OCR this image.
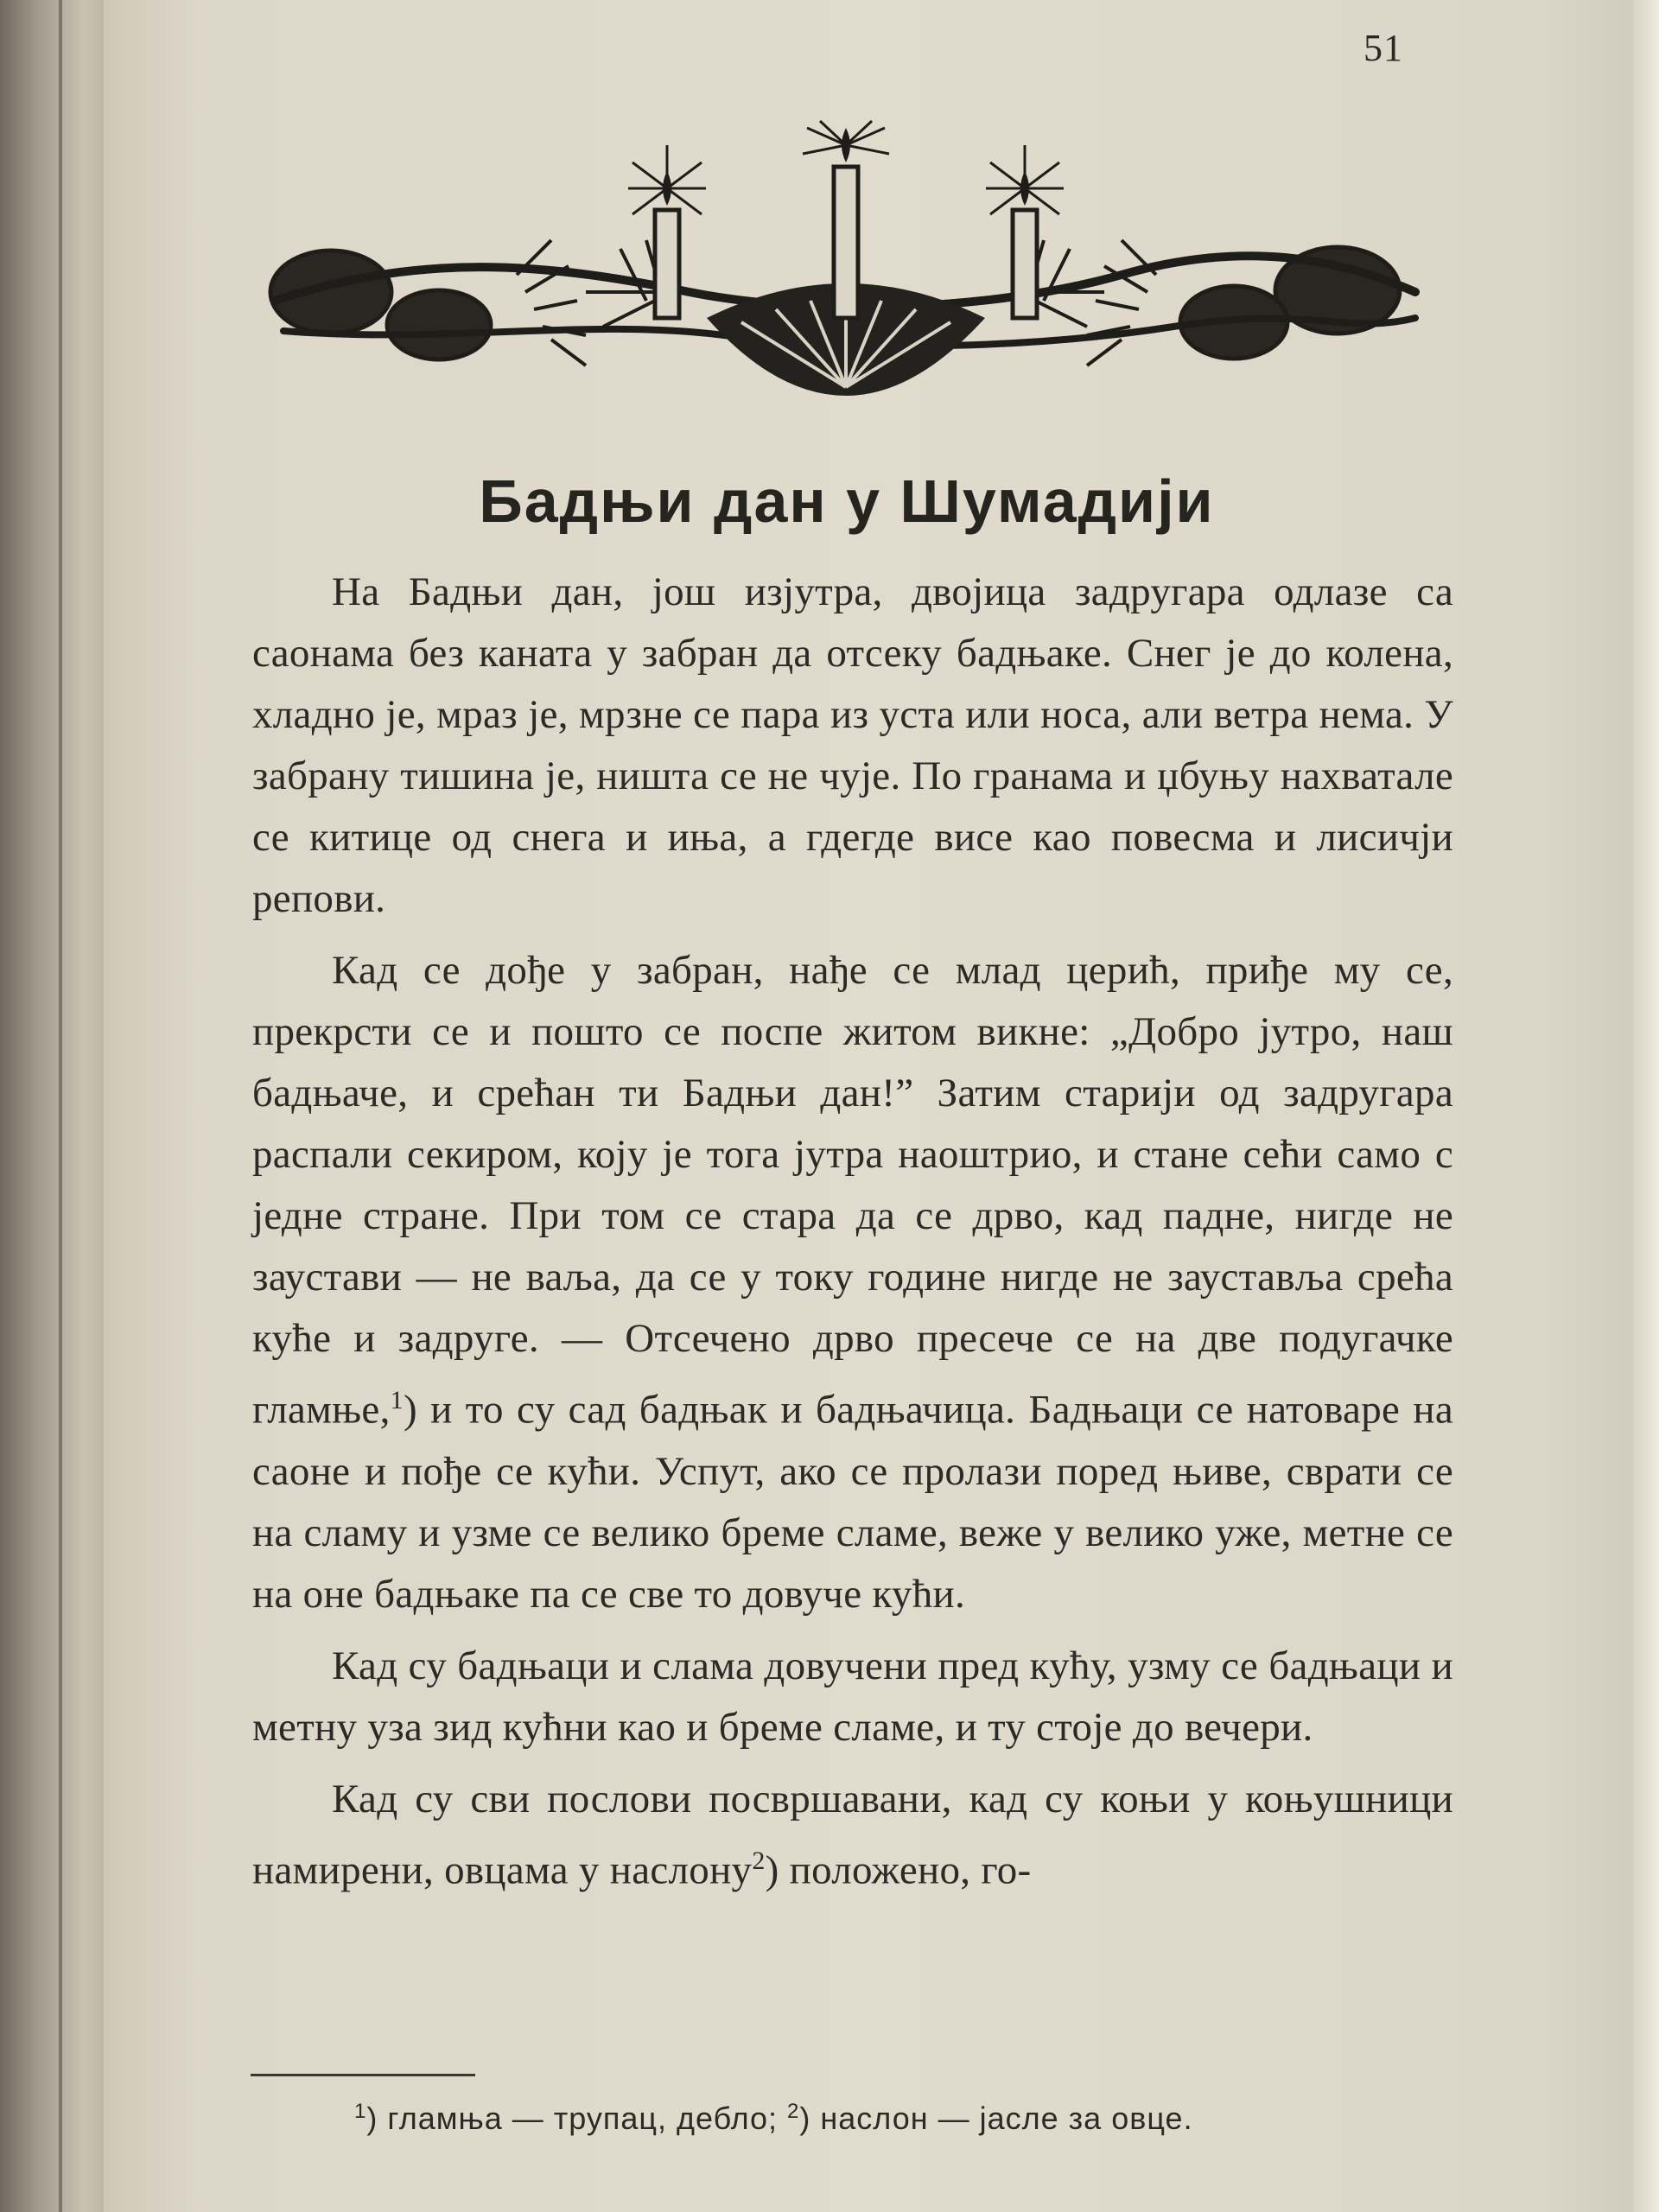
51
Бадњи дан у Шумадији

На Бадњи дан, још изјутра, двојица задругара одлазе са саонама без каната у забран да отсеку бадњаке. Снег је до колена, хладно је, мраз је, мрзне се пара из уста или носа, али ветра нема. У забрану тишина је, ништа се не чује. По гранама и џбуњу нахватале се китице од снега и иња, а гдегде висе као повесма и лисичји репови.

Кад се дође у забран, нађе се млад церић, приђе му се, прекрсти се и пошто се поспе житом викне: „Добро јутро, наш бадњаче, и срећан ти Бадњи дан!” Затим старији од задругара распали секиром, коју је тога јутра наоштрио, и стане сећи само с једне стране. При том се стара да се дрво, кад падне, нигде не заустави — не ваља, да се у току године нигде не зауставља срећа куће и задруге. — Отсечено дрво пресече се на две подугачке гламње,$^1$) и то су сад бадњак и бадњачица. Бадњаци се натоваре на саоне и пође се кући. Успут, ако се пролази поред њиве, сврати се на сламу и узме се велико бреме сламе, веже у велико уже, метне се на оне бадњаке па се све то довуче кући.

Кад су бадњаци и слама довучени пред кућу, узму се бадњаци и метну уза зид кућни као и бреме сламе, и ту стоје до вечери.

Кад су сви послови посвршавани, кад су коњи у коњушници намирени, овцама у наслону$^2$) положено, го-

$^1$) гламња — трупац, дебло; $^2$) наслон — јасле за овце.
